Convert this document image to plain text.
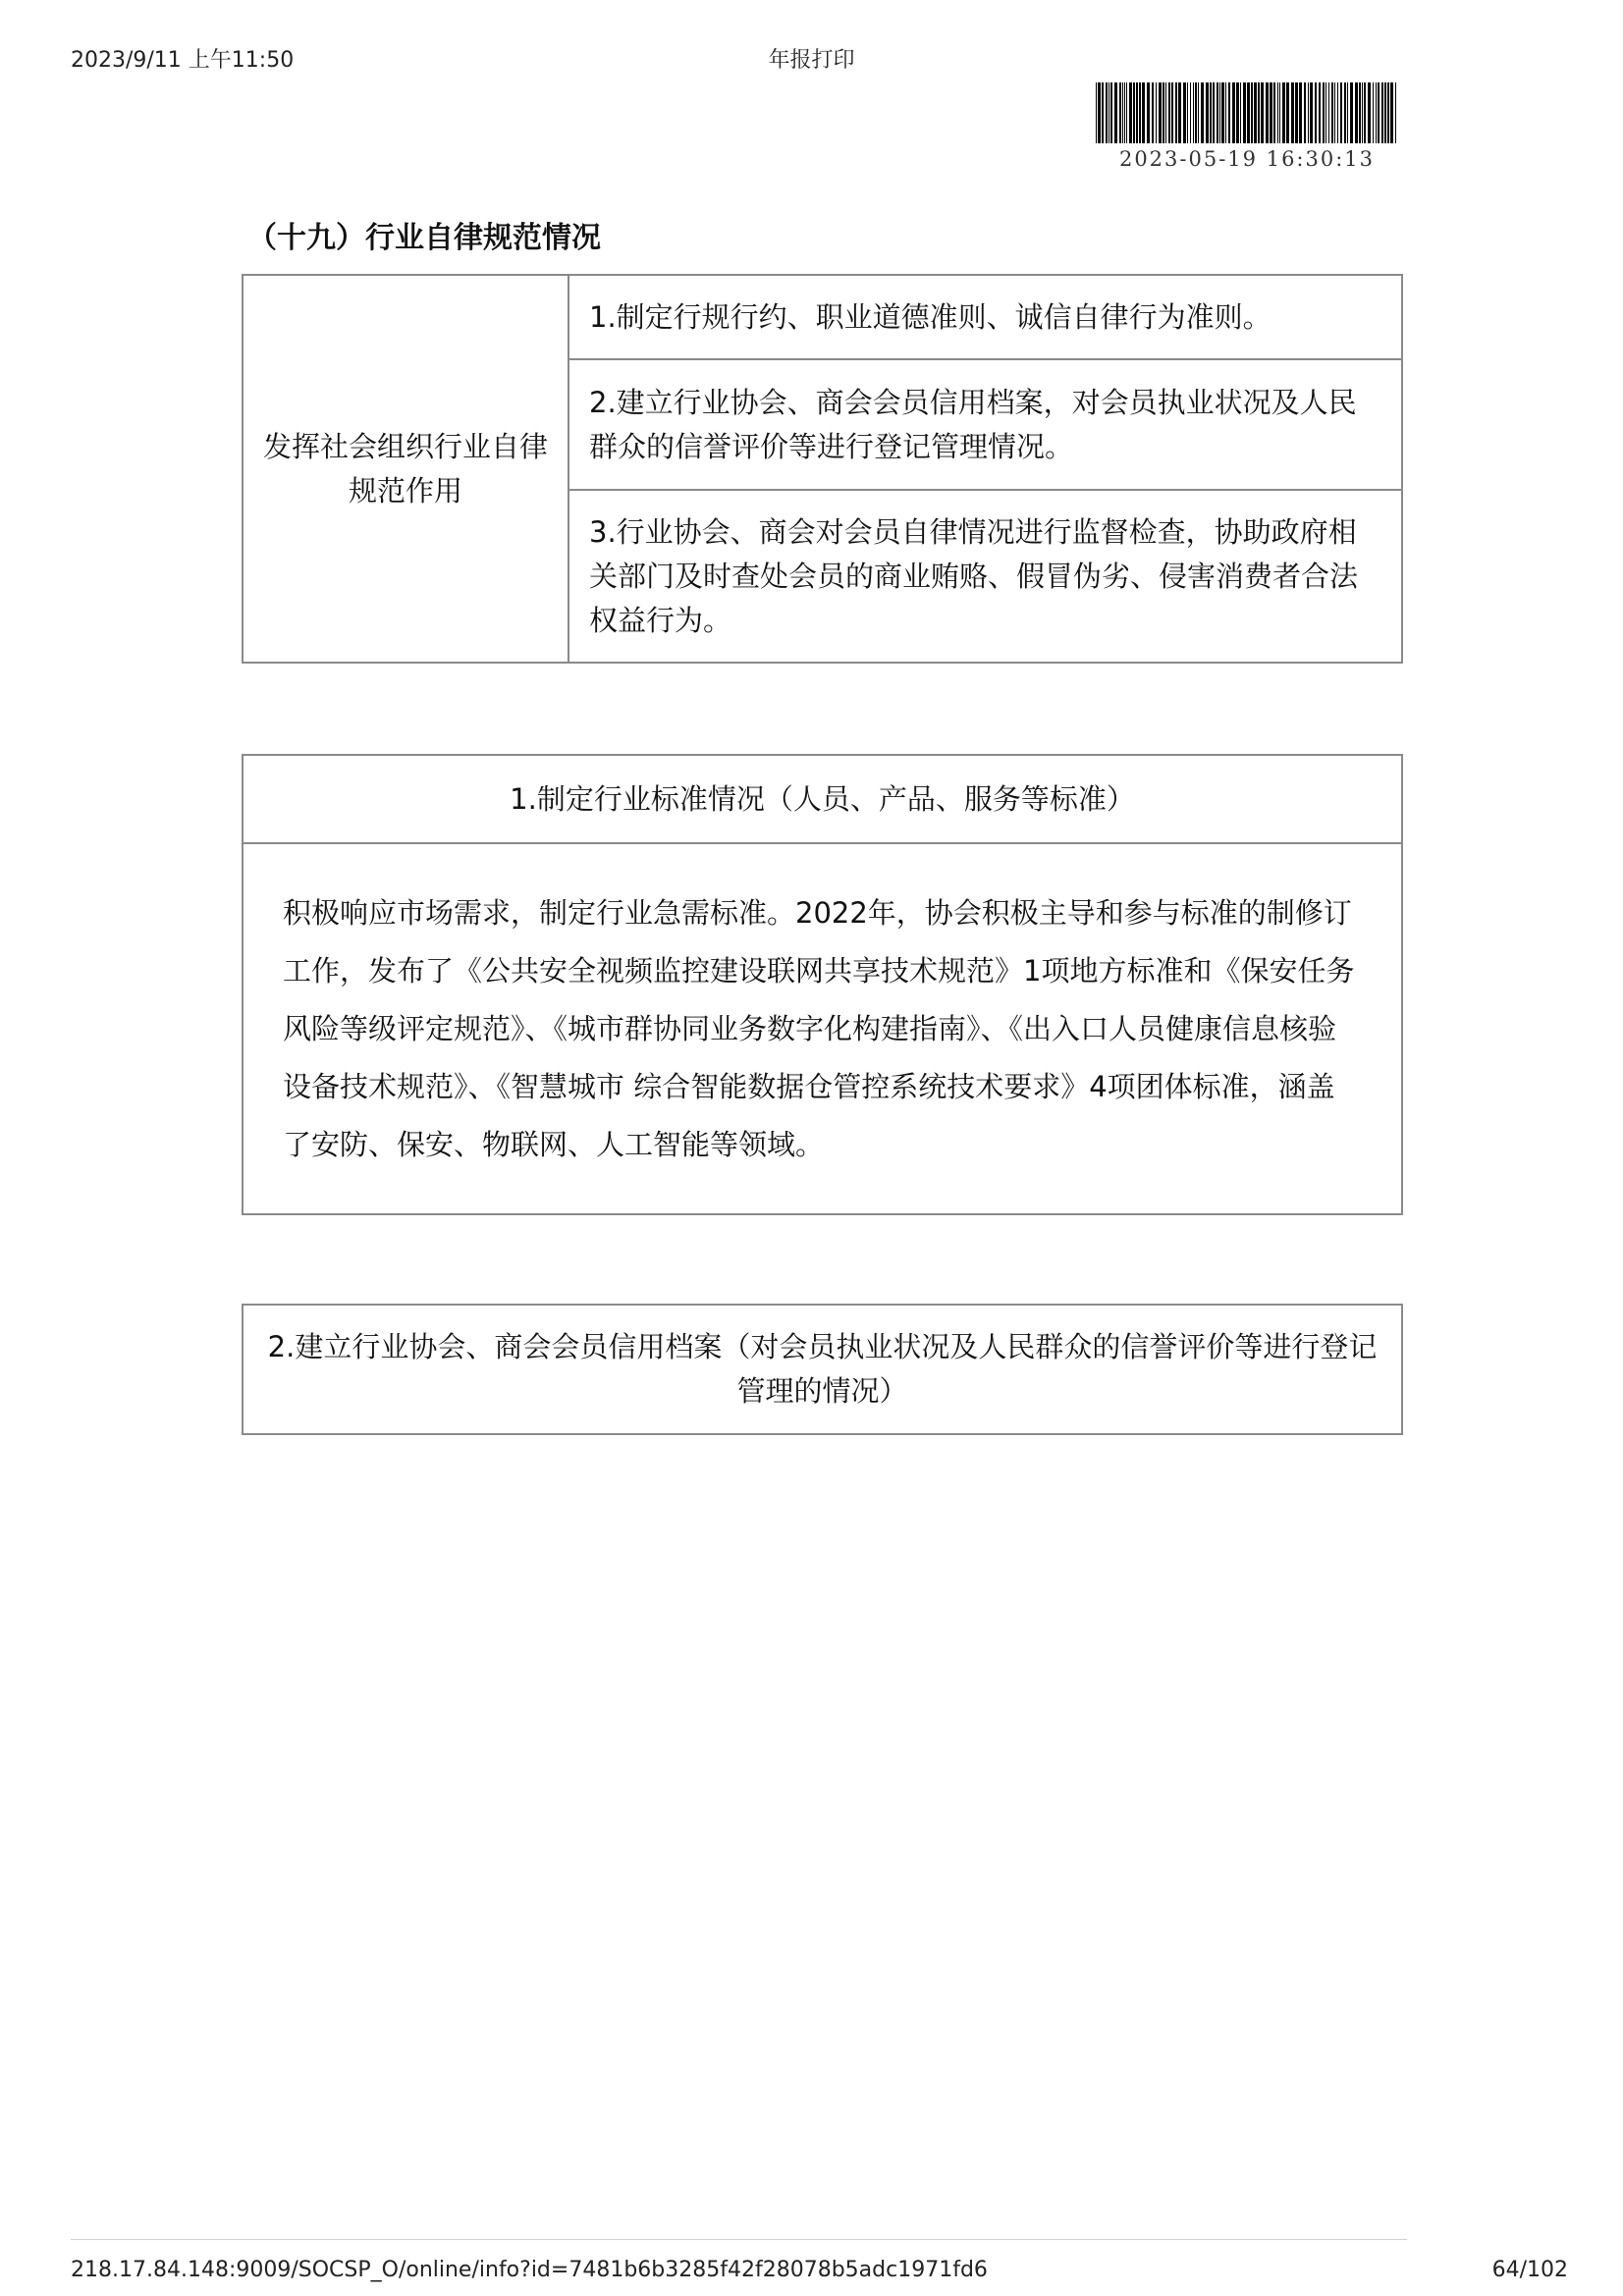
2023/9/11 上午11:50	年报打印
2023-05-19 16:30:13
（十九）行业自律规范情况
发挥社会组织行业自律规范作用	1.制定行规行约、职业道德准则、诚信自律行为准则。
2.建立行业协会、商会会员信用档案，对会员执业状况及人民群众的信誉评价等进行登记管理情况。
3.行业协会、商会对会员自律情况进行监督检查，协助政府相关部门及时查处会员的商业贿赂、假冒伪劣、侵害消费者合法权益行为。
1.制定行业标准情况（人员、产品、服务等标准）
积极响应市场需求，制定行业急需标准。2022年，协会积极主导和参与标准的制修订工作，发布了《公共安全视频监控建设联网共享技术规范》1项地方标准和《保安任务风险等级评定规范》、《城市群协同业务数字化构建指南》、《出入口人员健康信息核验设备技术规范》、《智慧城市 综合智能数据仓管控系统技术要求》4项团体标准，涵盖了安防、保安、物联网、人工智能等领域。
2.建立行业协会、商会会员信用档案（对会员执业状况及人民群众的信誉评价等进行登记管理的情况）
218.17.84.148:9009/SOCSP_O/online/info?id=7481b6b3285f42f28078b5adc1971fd6	64/102
